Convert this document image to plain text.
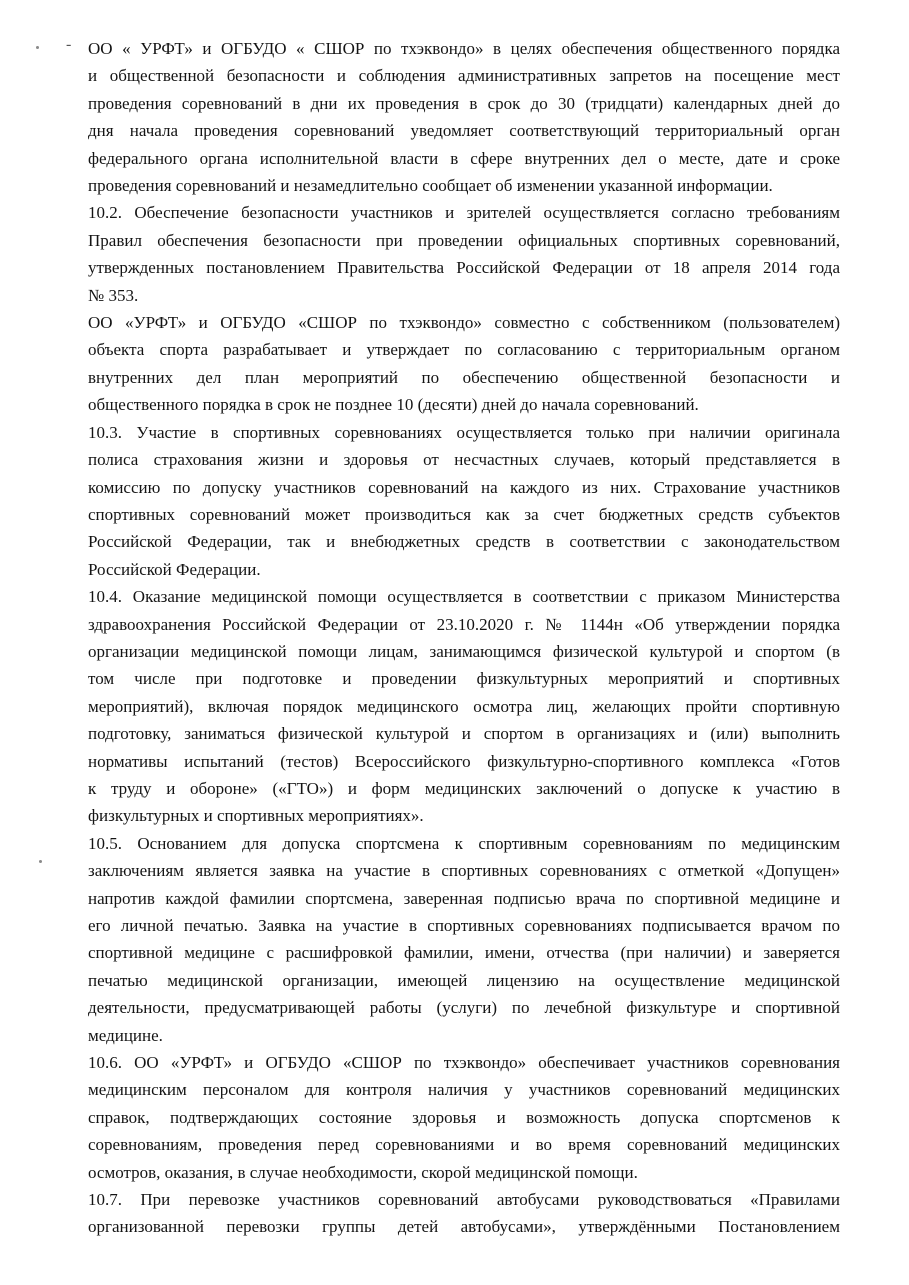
- ОО « УРФТ» и ОГБУДО « СШОР по тхэквондо» в целях обеспечения общественного порядка
и общественной безопасности и соблюдения административных запретов на посещение мест
проведения соревнований в дни их проведения в срок до 30 (тридцати) календарных дней до
дня начала проведения соревнований уведомляет соответствующий территориальный орган
федерального органа исполнительной власти в сфере внутренних дел о месте, дате и сроке
проведения соревнований и незамедлительно сообщает об изменении указанной информации.

10.2. Обеспечение безопасности участников и зрителей осуществляется согласно требованиям
Правил обеспечения безопасности при проведении официальных спортивных соревнований,
утвержденных постановлением Правительства Российской Федерации от 18 апреля 2014 года
№ 353.

ОО «УРФТ» и ОГБУДО «СШОР по тхэквондо» совместно с собственником (пользователем)
объекта спорта разрабатывает и утверждает по согласованию с территориальным органом
внутренних дел план мероприятий по обеспечению общественной безопасности и
общественного порядка в срок не позднее 10 (десяти) дней до начала соревнований.

10.3. Участие в спортивных соревнованиях осуществляется только при наличии оригинала
полиса страхования жизни и здоровья от несчастных случаев, который представляется в
комиссию по допуску участников соревнований на каждого из них. Страхование участников
спортивных соревнований может производиться как за счет бюджетных средств субъектов
Российской Федерации, так и внебюджетных средств в соответствии с законодательством
Российской Федерации.

10.4. Оказание медицинской помощи осуществляется в соответствии с приказом Министерства
здравоохранения Российской Федерации от 23.10.2020 г. № 1144н «Об утверждении порядка
организации медицинской помощи лицам, занимающимся физической культурой и спортом (в
том числе при подготовке и проведении физкультурных мероприятий и спортивных
мероприятий), включая порядок медицинского осмотра лиц, желающих пройти спортивную
подготовку, заниматься физической культурой и спортом в организациях и (или) выполнить
нормативы испытаний (тестов) Всероссийского физкультурно-спортивного комплекса «Готов
к труду и обороне» («ГТО») и форм медицинских заключений о допуске к участию в
физкультурных и спортивных мероприятиях».

10.5. Основанием для допуска спортсмена к спортивным соревнованиям по медицинским
заключениям является заявка на участие в спортивных соревнованиях с отметкой «Допущен»
напротив каждой фамилии спортсмена, заверенная подписью врача по спортивной медицине и
его личной печатью. Заявка на участие в спортивных соревнованиях подписывается врачом по
спортивной медицине с расшифровкой фамилии, имени, отчества (при наличии) и заверяется
печатью медицинской организации, имеющей лицензию на осуществление медицинской
деятельности, предусматривающей работы (услуги) по лечебной физкультуре и спортивной
медицине.

10.6. ОО «УРФТ» и ОГБУДО «СШОР по тхэквондо» обеспечивает участников соревнования
медицинским персоналом для контроля наличия у участников соревнований медицинских
справок, подтверждающих состояние здоровья и возможность допуска спортсменов к
соревнованиям, проведения перед соревнованиями и во время соревнований медицинских
осмотров, оказания, в случае необходимости, скорой медицинской помощи.

10.7. При перевозке участников соревнований автобусами руководствоваться «Правилами
организованной перевозки группы детей автобусами», утверждёнными Постановлением
